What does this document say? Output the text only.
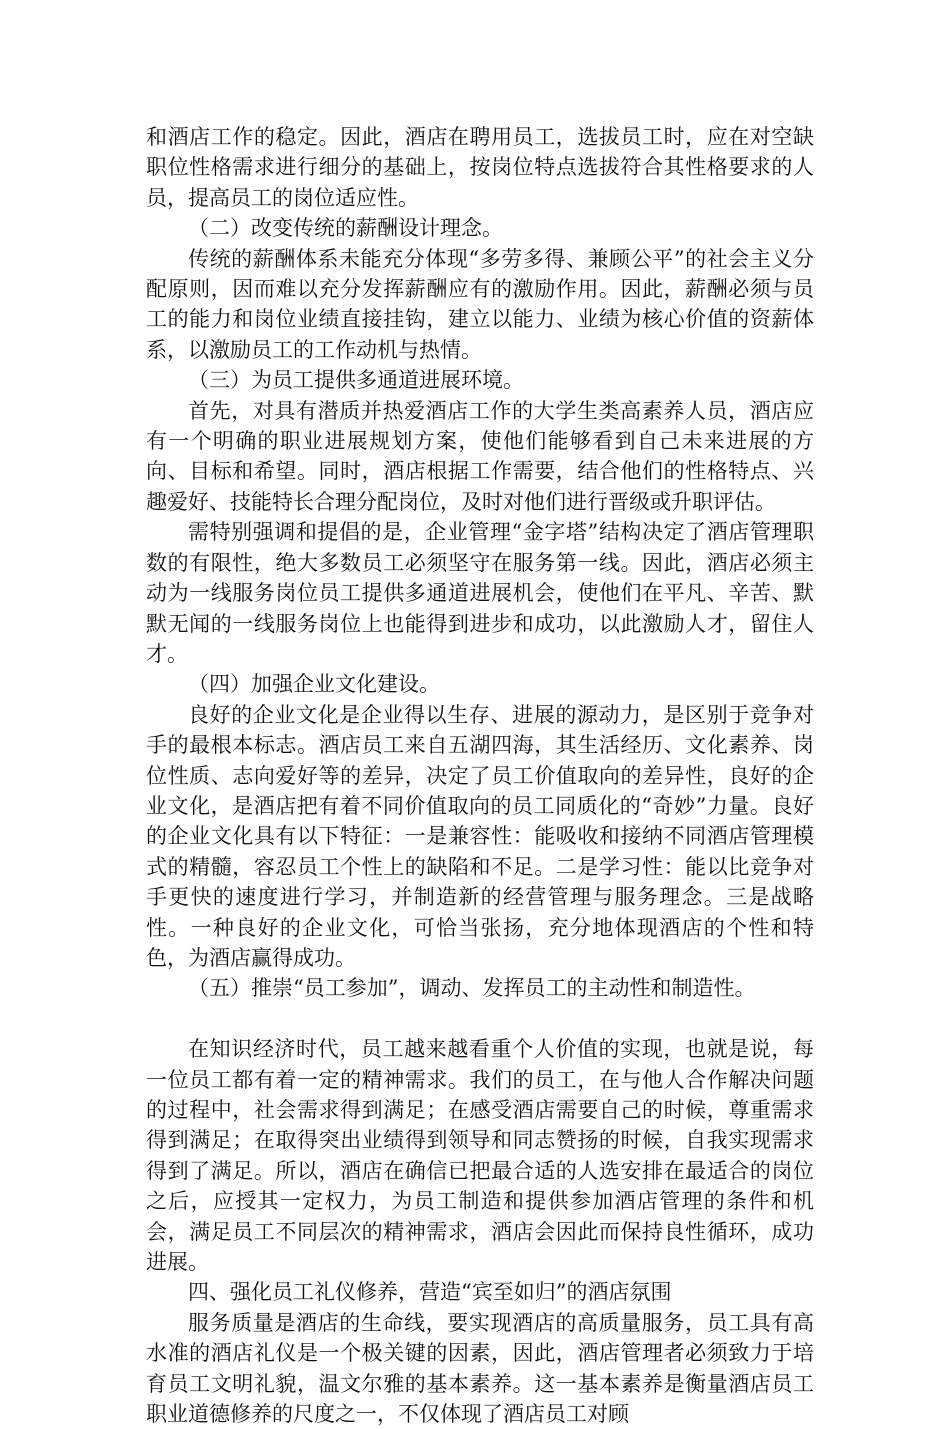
和酒店工作的稳定。因此，酒店在聘用员工，选拔员工时，应在对空缺职位性格需求进行细分的基础上，按岗位特点选拔符合其性格要求的人员，提高员工的岗位适应性。

（二）改变传统的薪酬设计理念。

传统的薪酬体系未能充分体现“多劳多得、兼顾公平”的社会主义分配原则，因而难以充分发挥薪酬应有的激励作用。因此，薪酬必须与员工的能力和岗位业绩直接挂钩，建立以能力、业绩为核心价值的资薪体系，以激励员工的工作动机与热情。

（三）为员工提供多通道进展环境。

首先，对具有潜质并热爱酒店工作的大学生类高素养人员，酒店应有一个明确的职业进展规划方案，使他们能够看到自己未来进展的方向、目标和希望。同时，酒店根据工作需要，结合他们的性格特点、兴趣爱好、技能特长合理分配岗位，及时对他们进行晋级或升职评估。

需特别强调和提倡的是，企业管理“金字塔”结构决定了酒店管理职数的有限性，绝大多数员工必须坚守在服务第一线。因此，酒店必须主动为一线服务岗位员工提供多通道进展机会，使他们在平凡、辛苦、默默无闻的一线服务岗位上也能得到进步和成功，以此激励人才，留住人才。

（四）加强企业文化建设。

良好的企业文化是企业得以生存、进展的源动力，是区别于竞争对手的最根本标志。酒店员工来自五湖四海，其生活经历、文化素养、岗位性质、志向爱好等的差异，决定了员工价值取向的差异性，良好的企业文化，是酒店把有着不同价值取向的员工同质化的“奇妙”力量。良好的企业文化具有以下特征：一是兼容性：能吸收和接纳不同酒店管理模式的精髓，容忍员工个性上的缺陷和不足。二是学习性：能以比竞争对手更快的速度进行学习，并制造新的经营管理与服务理念。三是战略性。一种良好的企业文化，可恰当张扬，充分地体现酒店的个性和特色，为酒店赢得成功。

（五）推崇“员工参加”，调动、发挥员工的主动性和制造性。

在知识经济时代，员工越来越看重个人价值的实现，也就是说，每一位员工都有着一定的精神需求。我们的员工，在与他人合作解决问题的过程中，社会需求得到满足；在感受酒店需要自己的时候，尊重需求得到满足；在取得突出业绩得到领导和同志赞扬的时候，自我实现需求得到了满足。所以，酒店在确信已把最合适的人选安排在最适合的岗位之后，应授其一定权力，为员工制造和提供参加酒店管理的条件和机会，满足员工不同层次的精神需求，酒店会因此而保持良性循环，成功进展。

四、强化员工礼仪修养，营造“宾至如归”的酒店氛围

服务质量是酒店的生命线，要实现酒店的高质量服务，员工具有高水准的酒店礼仪是一个极关键的因素，因此，酒店管理者必须致力于培育员工文明礼貌，温文尔雅的基本素养。这一基本素养是衡量酒店员工职业道德修养的尺度之一，不仅体现了酒店员工对顾
